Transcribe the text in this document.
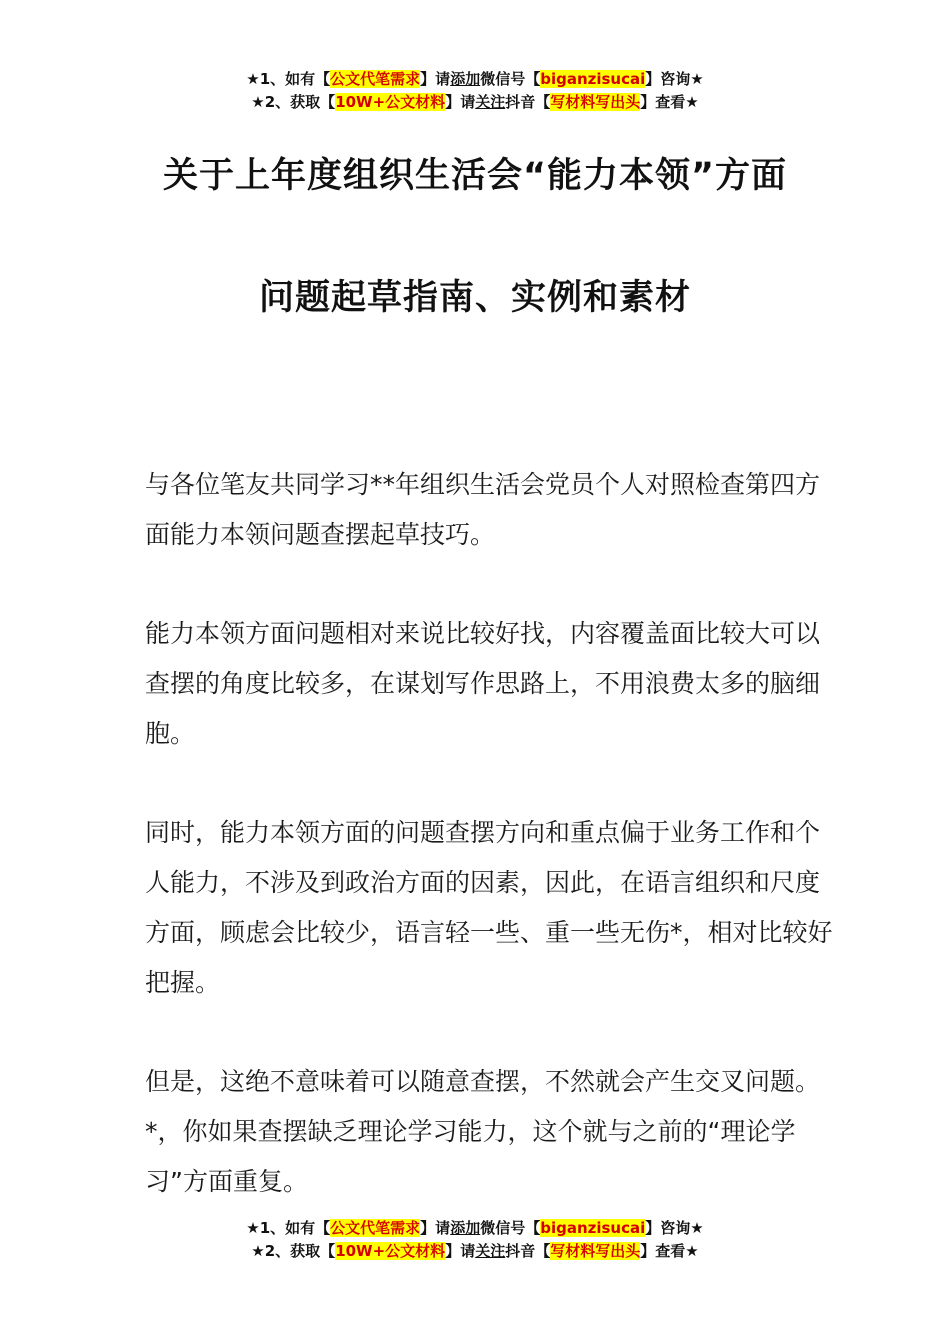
★1、如有【公文代笔需求】请添加微信号【biganzisucai】咨询★
★2、获取【10W+公文材料】请关注抖音【写材料写出头】查看★
关于上年度组织生活会“能力本领”方面
问题起草指南、实例和素材

与各位笔友共同学习**年组织生活会党员个人对照检查第四方面能力本领问题查摆起草技巧。

能力本领方面问题相对来说比较好找，内容覆盖面比较大可以查摆的角度比较多，在谋划写作思路上，不用浪费太多的脑细胞。

同时，能力本领方面的问题查摆方向和重点偏于业务工作和个人能力，不涉及到政治方面的因素，因此，在语言组织和尺度方面，顾虑会比较少，语言轻一些、重一些无伤*，相对比较好把握。

但是，这绝不意味着可以随意查摆，不然就会产生交叉问题。*，你如果查摆缺乏理论学习能力，这个就与之前的“理论学习”方面重复。

★1、如有【公文代笔需求】请添加微信号【biganzisucai】咨询★
★2、获取【10W+公文材料】请关注抖音【写材料写出头】查看★
